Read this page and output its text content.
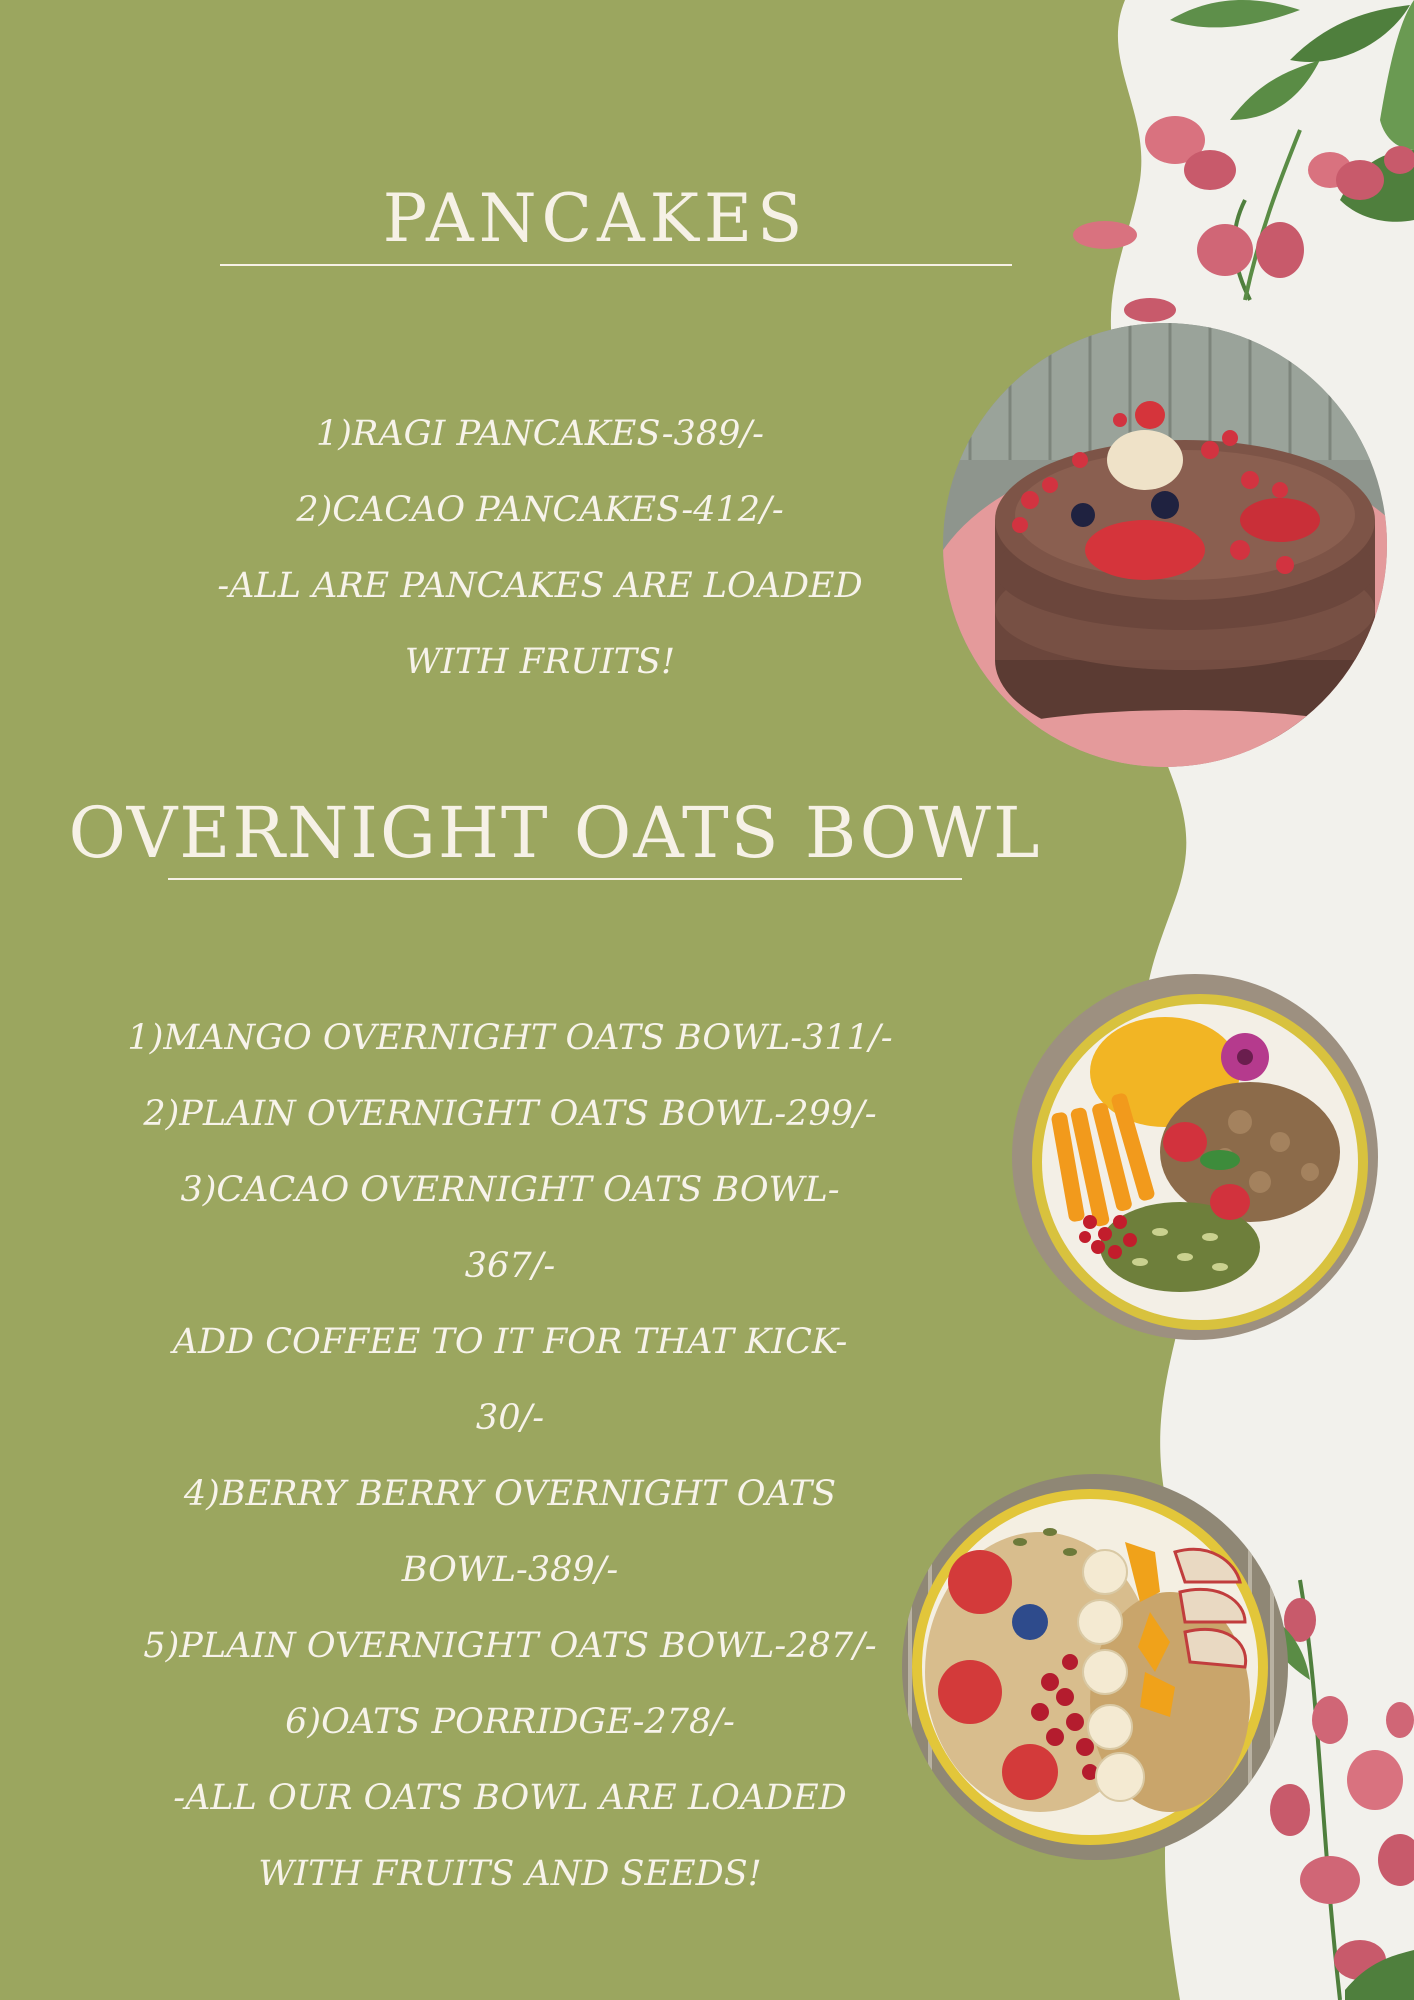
PANCAKES
1)RAGI PANCAKES-389/-
2)CACAO PANCAKES-412/-
-ALL ARE PANCAKES ARE LOADED
WITH FRUITS!
OVERNIGHT OATS BOWL
1)MANGO OVERNIGHT OATS BOWL-311/-
2)PLAIN OVERNIGHT OATS BOWL-299/-
3)CACAO OVERNIGHT OATS BOWL-
367/-
ADD COFFEE TO IT FOR THAT KICK-
30/-
4)BERRY BERRY OVERNIGHT OATS
BOWL-389/-
5)PLAIN OVERNIGHT OATS BOWL-287/-
6)OATS PORRIDGE-278/-
-ALL OUR OATS BOWL ARE LOADED
WITH FRUITS AND SEEDS!
